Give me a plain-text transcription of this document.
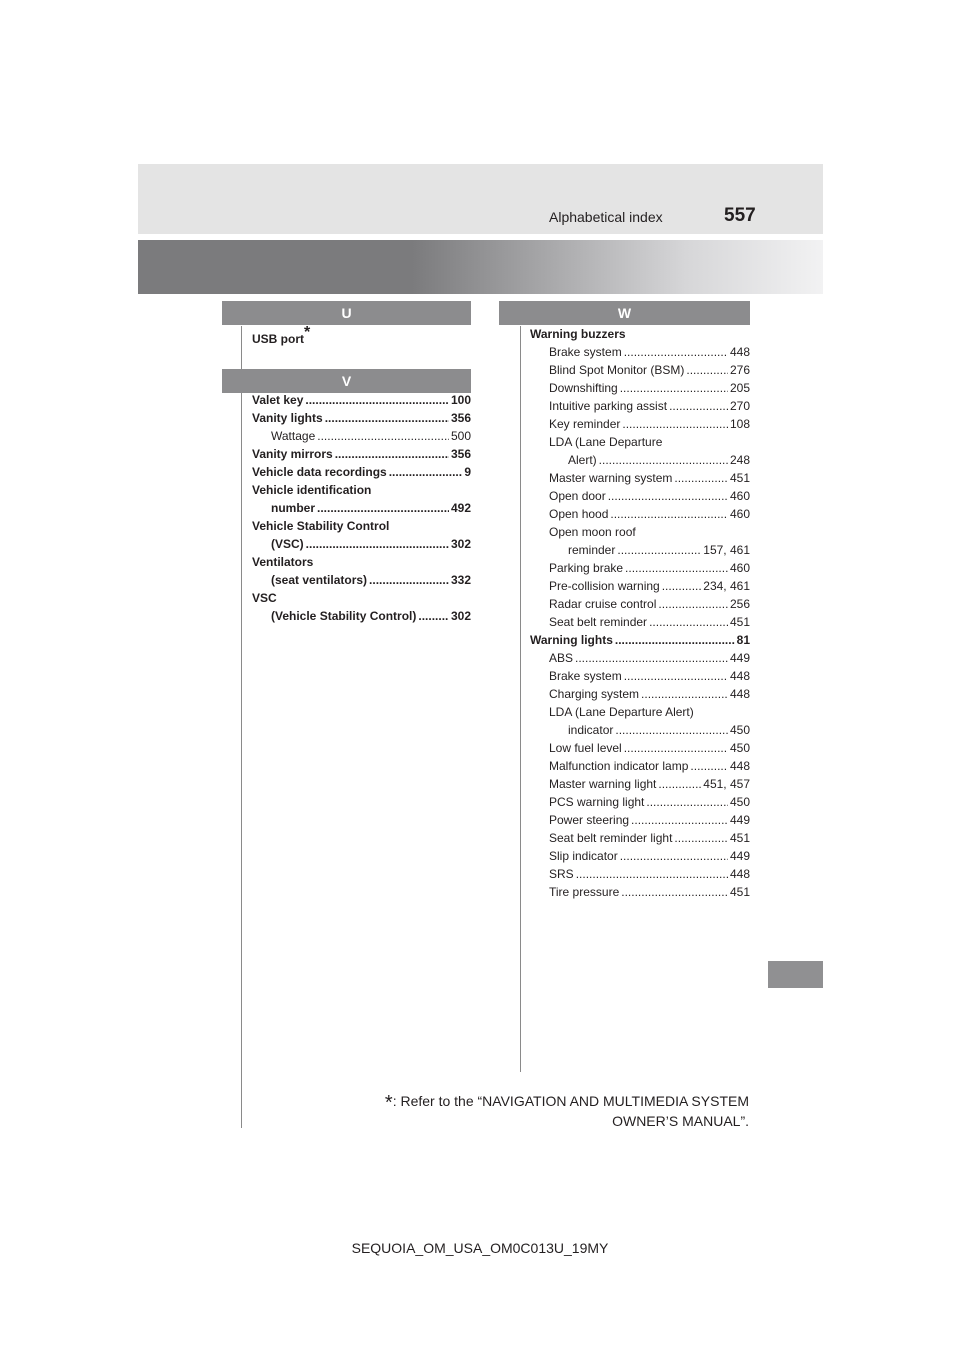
Alphabetical index	557
U
V
W
USB port*
Valet key .....	100
Vanity lights .....	356
Wattage .....	500
Vanity mirrors .....	356
Vehicle data recordings .....	9
Vehicle identification
number .....	492
Vehicle Stability Control
(VSC) .....	302
Ventilators
(seat ventilators) .....	332
VSC
(Vehicle Stability Control) .....	302
Warning buzzers
Brake system .....	448
Blind Spot Monitor (BSM) .....	276
Downshifting .....	205
Intuitive parking assist .....	270
Key reminder .....	108
LDA (Lane Departure
Alert) .....	248
Master warning system .....	451
Open door .....	460
Open hood .....	460
Open moon roof
reminder .....	157, 461
Parking brake .....	460
Pre-collision warning .....	234, 461
Radar cruise control .....	256
Seat belt reminder .....	451
Warning lights .....	81
ABS .....	449
Brake system .....	448
Charging system .....	448
LDA (Lane Departure Alert)
indicator .....	450
Low fuel level .....	450
Malfunction indicator lamp .....	448
Master warning light .....	451, 457
PCS warning light .....	450
Power steering .....	449
Seat belt reminder light .....	451
Slip indicator .....	449
SRS .....	448
Tire pressure .....	451
*: Refer to the “NAVIGATION AND MULTIMEDIA SYSTEM
OWNER’S MANUAL”.
SEQUOIA_OM_USA_OM0C013U_19MY
